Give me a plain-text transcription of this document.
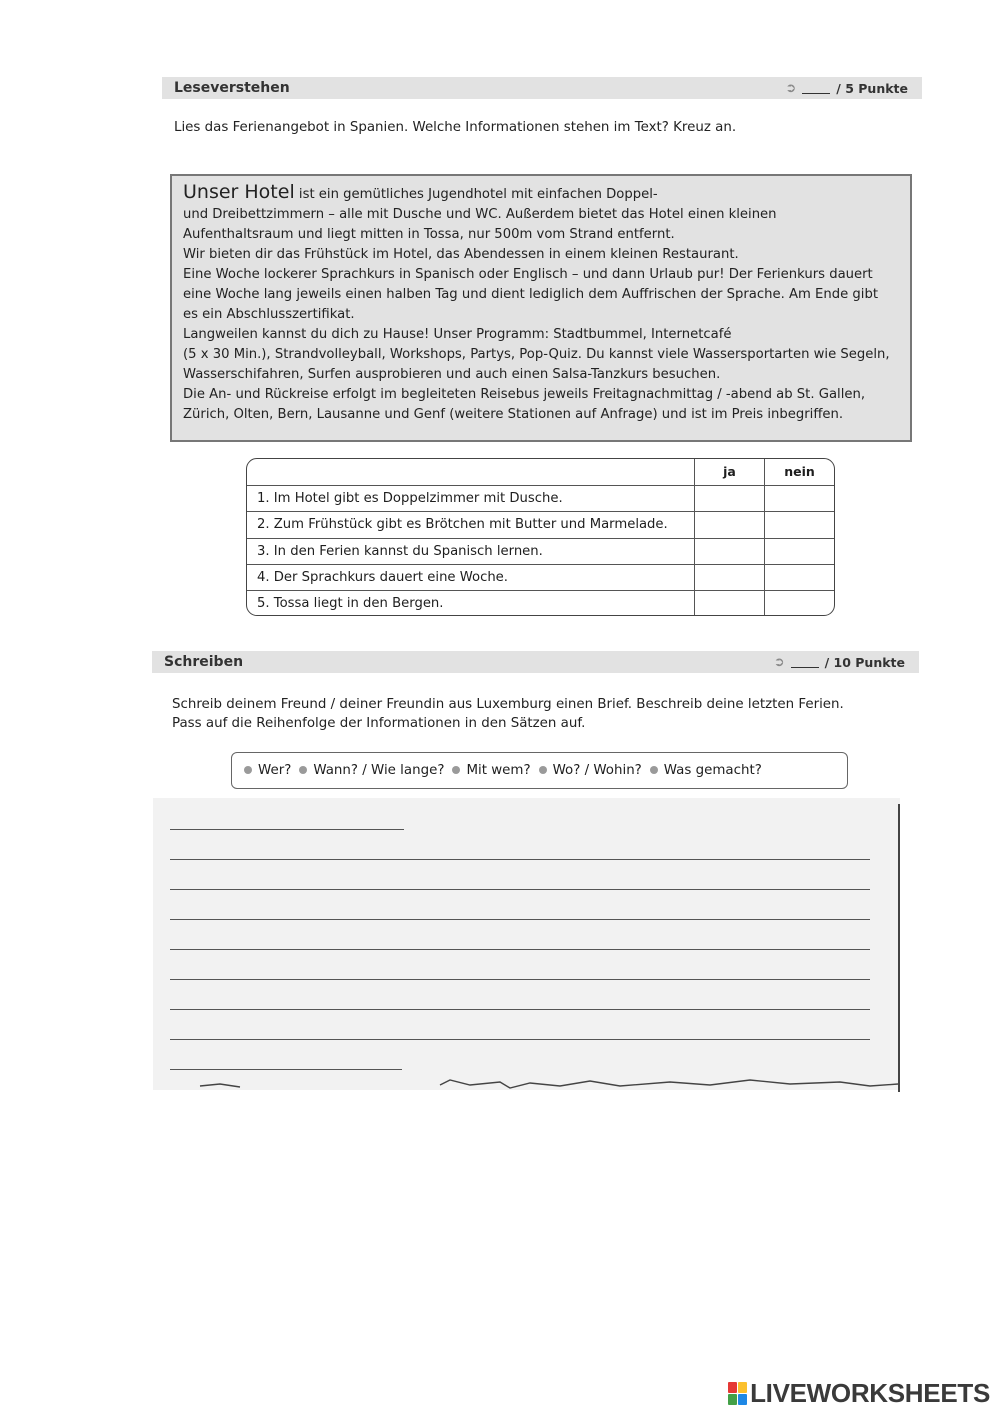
Leseverstehen	➲	/ 5 Punkte
Lies das Ferienangebot in Spanien. Welche Informationen stehen im Text? Kreuz an.

Unser Hotel ist ein gemütliches Jugendhotel mit einfachen Doppel-

und Dreibettzimmern – alle mit Dusche und WC. Außerdem bietet das Hotel einen kleinen

Aufenthaltsraum und liegt mitten in Tossa, nur 500m vom Strand entfernt.

Wir bieten dir das Frühstück im Hotel, das Abendessen in einem kleinen Restaurant.

Eine Woche lockerer Sprachkurs in Spanisch oder Englisch – und dann Urlaub pur! Der Ferienkurs dauert

eine Woche lang jeweils einen halben Tag und dient lediglich dem Auffrischen der Sprache. Am Ende gibt

es ein Abschlusszertifikat.

Langweilen kannst du dich zu Hause! Unser Programm: Stadtbummel, Internetcafé

(5 x 30 Min.), Strandvolleyball, Workshops, Partys, Pop-Quiz. Du kannst viele Wassersportarten wie Segeln,

Wasserschifahren, Surfen ausprobieren und auch einen Salsa-Tanzkurs besuchen.

Die An- und Rückreise erfolgt im begleiteten Reisebus jeweils Freitagnachmittag / -abend ab St. Gallen,

Zürich, Olten, Bern, Lausanne und Genf (weitere Stationen auf Anfrage) und ist im Preis inbegriffen.

ja	nein
1. Im Hotel gibt es Doppelzimmer mit Dusche.
2. Zum Frühstück gibt es Brötchen mit Butter und Marmelade.
3. In den Ferien kannst du Spanisch lernen.
4. Der Sprachkurs dauert eine Woche.
5. Tossa liegt in den Bergen.
Schreiben	➲	/ 10 Punkte
Schreib deinem Freund / deiner Freundin aus Luxemburg einen Brief. Beschreib deine letzten Ferien.
Pass auf die Reihenfolge der Informationen in den Sätzen auf.
Wer?	Wann? / Wie lange?	Mit wem?	Wo? / Wohin?	Was gemacht?
LIVEWORKSHEETS
